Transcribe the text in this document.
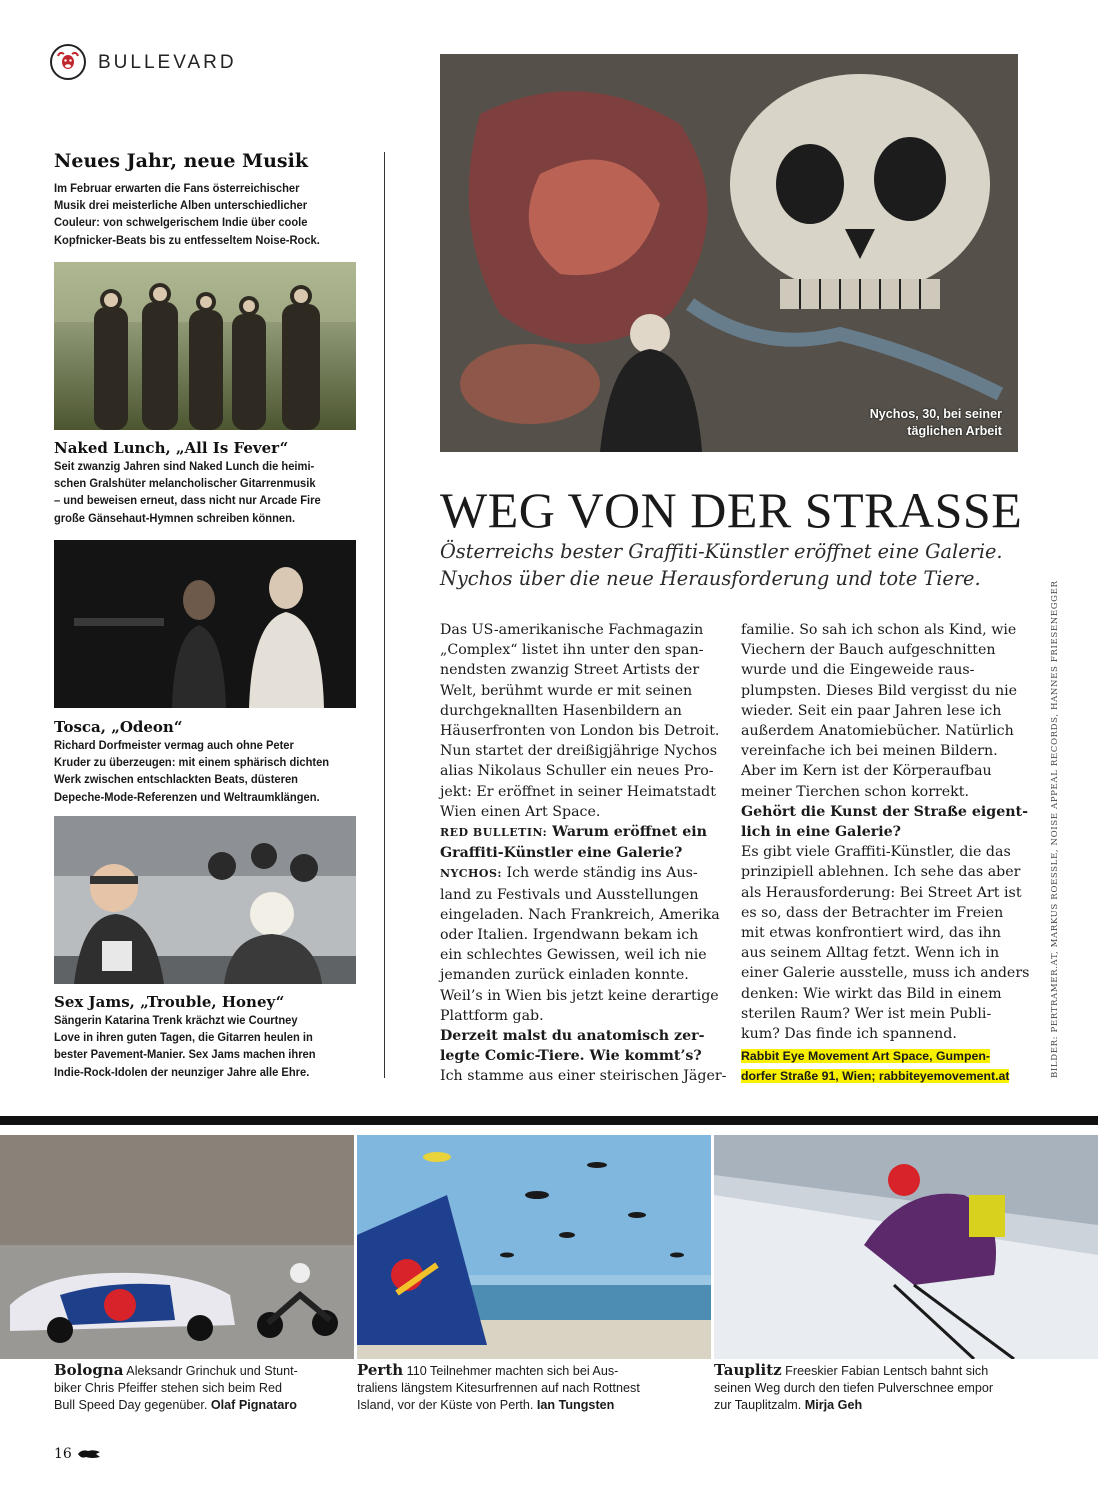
BULLEVARD
Neues Jahr, neue Musik
Im Februar erwarten die Fans österreichischer
Musik drei meisterliche Alben unterschiedlicher
Couleur: von schwelgerischem Indie über coole
Kopfnicker-Beats bis zu entfesseltem Noise-Rock.
Naked Lunch, „All Is Fever“
Seit zwanzig Jahren sind Naked Lunch die heimi-
schen Gralshüter melancholischer Gitarrenmusik
– und beweisen erneut, dass nicht nur Arcade Fire
große Gänsehaut-Hymnen schreiben können.
Tosca, „Odeon“
Richard Dorfmeister vermag auch ohne Peter
Kruder zu überzeugen: mit einem sphärisch dichten
Werk zwischen entschlackten Beats, düsteren
Depeche-Mode-Referenzen und Weltraumklängen.
Sex Jams, „Trouble, Honey“
Sängerin Katarina Trenk krächzt wie Courtney
Love in ihren guten Tagen, die Gitarren heulen in
bester Pavement-Manier. Sex Jams machen ihren
Indie-Rock-Idolen der neunziger Jahre alle Ehre.
Nychos, 30, bei seiner
täglichen Arbeit
WEG VON DER STRASSE
Österreichs bester Graffiti-Künstler eröffnet eine Galerie.
Nychos über die neue Herausforderung und tote Tiere.
Das US-amerikanische Fachmagazin
„Complex“ listet ihn unter den span-
nendsten zwanzig Street Artists der
Welt, berühmt wurde er mit seinen
durchgeknallten Hasenbildern an
Häuserfronten von London bis Detroit.
Nun startet der dreißigjährige Nychos
alias Nikolaus Schuller ein neues Pro-
jekt: Er eröffnet in seiner Heimatstadt
Wien einen Art Space.
RED BULLETIN: Warum eröffnet ein
Graffiti-Künstler eine Galerie?
NYCHOS: Ich werde ständig ins Aus-
land zu Festivals und Ausstellungen
eingeladen. Nach Frankreich, Amerika
oder Italien. Irgendwann bekam ich
ein schlechtes Gewissen, weil ich nie
jemanden zurück einladen konnte.
Weil’s in Wien bis jetzt keine derartige
Plattform gab.
Derzeit malst du anatomisch zer-
legte Comic-Tiere. Wie kommt’s?
Ich stamme aus einer steirischen Jäger-
familie. So sah ich schon als Kind, wie
Viechern der Bauch aufgeschnitten
wurde und die Eingeweide raus-
plumpsten. Dieses Bild vergisst du nie
wieder. Seit ein paar Jahren lese ich
außerdem Anatomiebücher. Natürlich
vereinfache ich bei meinen Bildern.
Aber im Kern ist der Körperaufbau
meiner Tierchen schon korrekt.
Gehört die Kunst der Straße eigent-
lich in eine Galerie?
Es gibt viele Graffiti-Künstler, die das
prinzipiell ablehnen. Ich sehe das aber
als Herausforderung: Bei Street Art ist
es so, dass der Betrachter im Freien
mit etwas konfrontiert wird, das ihn
aus seinem Alltag fetzt. Wenn ich in
einer Galerie ausstelle, muss ich anders
denken: Wie wirkt das Bild in einem
sterilen Raum? Wer ist mein Publi-
kum? Das finde ich spannend.
Rabbit Eye Movement Art Space, Gumpen-
dorfer Straße 91, Wien; rabbiteyemovement.at	BILDER: PERTRAMER.AT, MARKUS ROESSLE, NOISE APPEAL RECORDS, HANNES FRIESENEGGER
Bologna Aleksandr Grinchuk und Stunt-
biker Chris Pfeiffer stehen sich beim Red
Bull Speed Day gegenüber. Olaf Pignataro
Perth 110 Teilnehmer machten sich bei Aus-
traliens längstem Kitesurfrennen auf nach Rottnest
Island, vor der Küste von Perth. Ian Tungsten
Tauplitz Freeskier Fabian Lentsch bahnt sich
seinen Weg durch den tiefen Pulverschnee empor
zur Tauplitzalm. Mirja Geh
16
